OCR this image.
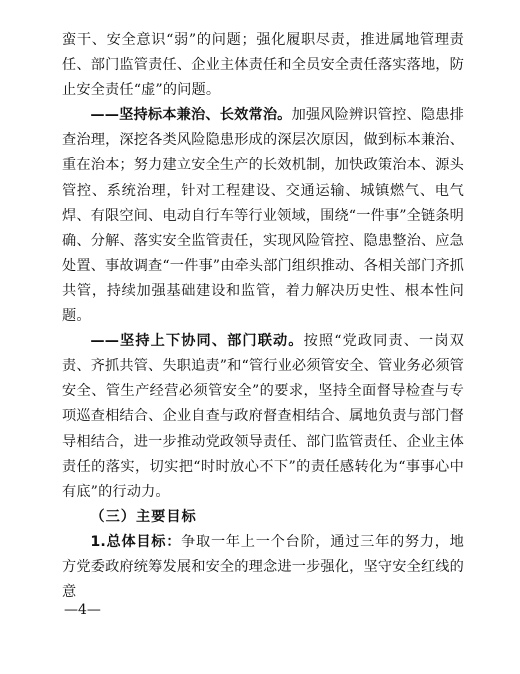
蛮干、安全意识“弱”的问题；强化履职尽责，推进属地管理责任、部门监管责任、企业主体责任和全员安全责任落实落地，防止安全责任“虚”的问题。

——坚持标本兼治、长效常治。加强风险辨识管控、隐患排查治理，深挖各类风险隐患形成的深层次原因，做到标本兼治、重在治本；努力建立安全生产的长效机制，加快政策治本、源头管控、系统治理，针对工程建设、交通运输、城镇燃气、电气焊、有限空间、电动自行车等行业领域，围绕“一件事”全链条明确、分解、落实安全监管责任，实现风险管控、隐患整治、应急处置、事故调查“一件事”由牵头部门组织推动、各相关部门齐抓共管，持续加强基础建设和监管，着力解决历史性、根本性问题。

——坚持上下协同、部门联动。按照“党政同责、一岗双责、齐抓共管、失职追责”和“管行业必须管安全、管业务必须管安全、管生产经营必须管安全”的要求，坚持全面督导检查与专项巡查相结合、企业自查与政府督查相结合、属地负责与部门督导相结合，进一步推动党政领导责任、部门监管责任、企业主体责任的落实，切实把“时时放心不下”的责任感转化为“事事心中有底”的行动力。

（三）主要目标

1.总体目标：争取一年上一个台阶，通过三年的努力，地方党委政府统筹发展和安全的理念进一步强化，坚守安全红线的意

—4—
